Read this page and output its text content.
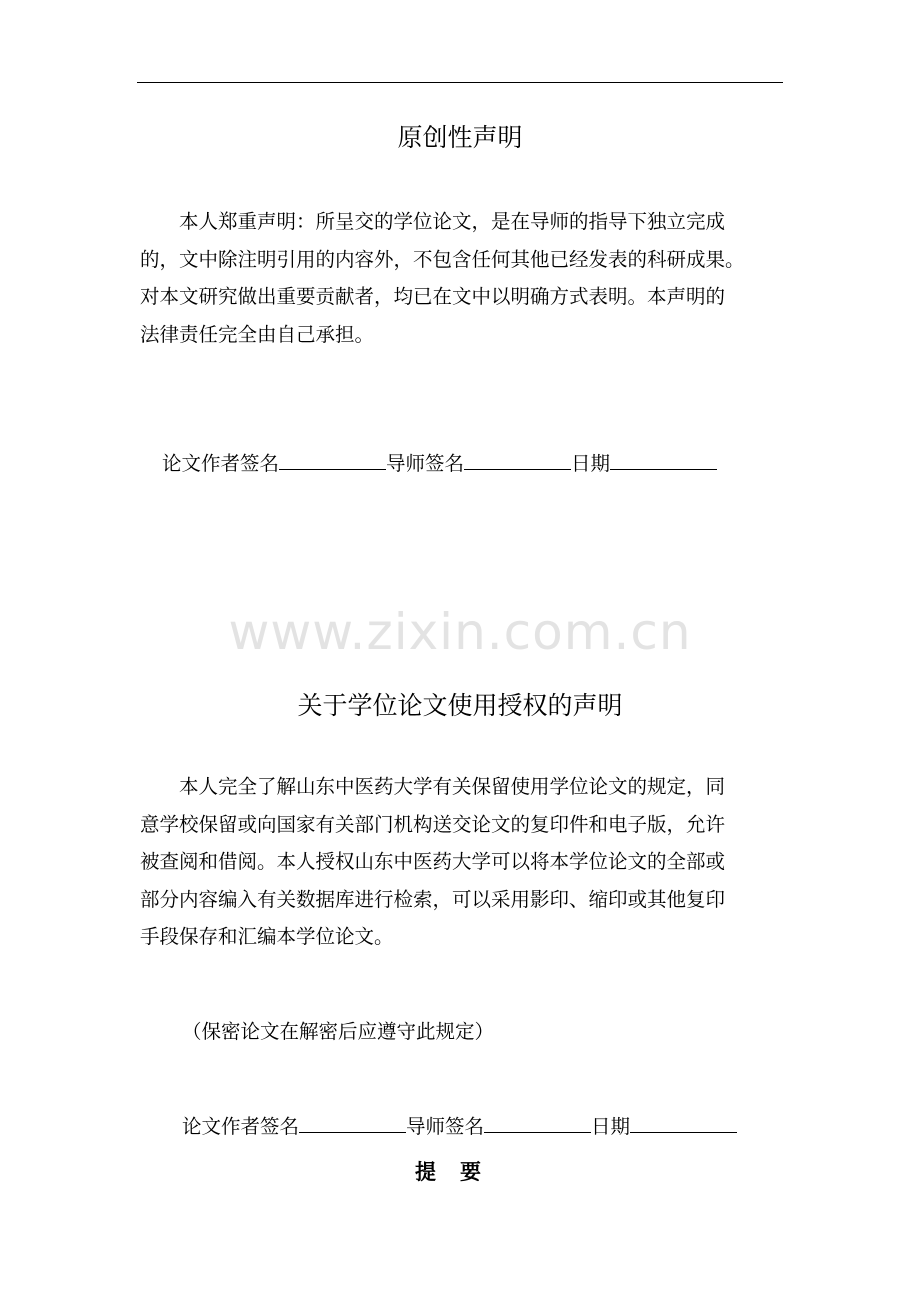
原创性声明

本人郑重声明：所呈交的学位论文，是在导师的指导下独立完成
的，文中除注明引用的内容外，不包含任何其他已经发表的科研成果。
对本文研究做出重要贡献者，均已在文中以明确方式表明。本声明的
法律责任完全由自己承担。

论文作者签名	导师签名	日期
www.zixin.com.cn
关于学位论文使用授权的声明

本人完全了解山东中医药大学有关保留使用学位论文的规定，同
意学校保留或向国家有关部门机构送交论文的复印件和电子版，允许
被查阅和借阅。本人授权山东中医药大学可以将本学位论文的全部或
部分内容编入有关数据库进行检索，可以采用影印、缩印或其他复印
手段保存和汇编本学位论文。

（保密论文在解密后应遵守此规定）
论文作者签名	导师签名	日期
提要
